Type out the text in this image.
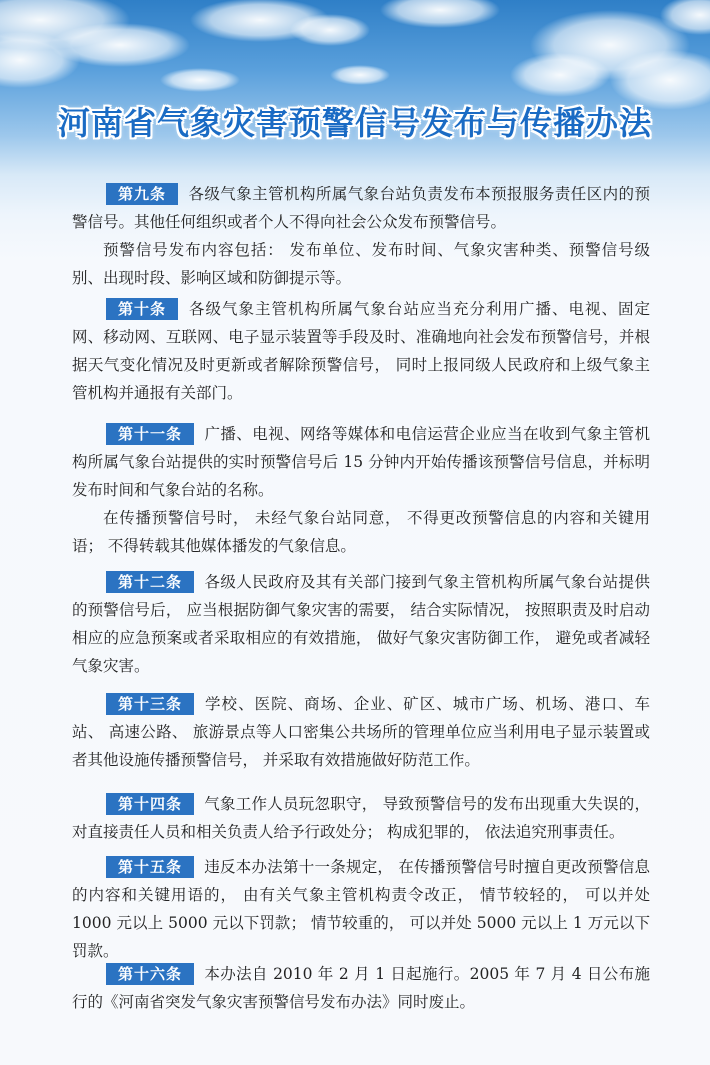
河南省气象灾害预警信号发布与传播办法

第九条 各级气象主管机构所属气象台站负责发布本预报服务责任区内的预警信号。其他任何组织或者个人不得向社会公众发布预警信号。

预警信号发布内容包括： 发布单位、发布时间、气象灾害种类、预警信号级别、出现时段、影响区域和防御提示等。

第十条 各级气象主管机构所属气象台站应当充分利用广播、电视、固定网、移动网、互联网、电子显示装置等手段及时、准确地向社会发布预警信号，并根据天气变化情况及时更新或者解除预警信号， 同时上报同级人民政府和上级气象主管机构并通报有关部门。

第十一条 广播、电视、网络等媒体和电信运营企业应当在收到气象主管机构所属气象台站提供的实时预警信号后 15 分钟内开始传播该预警信号信息，并标明发布时间和气象台站的名称。

在传播预警信号时， 未经气象台站同意， 不得更改预警信息的内容和关键用语； 不得转载其他媒体播发的气象信息。

第十二条 各级人民政府及其有关部门接到气象主管机构所属气象台站提供的预警信号后， 应当根据防御气象灾害的需要， 结合实际情况， 按照职责及时启动相应的应急预案或者采取相应的有效措施， 做好气象灾害防御工作， 避免或者减轻气象灾害。

第十三条 学校、医院、商场、企业、矿区、城市广场、机场、港口、车站、 高速公路、 旅游景点等人口密集公共场所的管理单位应当利用电子显示装置或者其他设施传播预警信号， 并采取有效措施做好防范工作。

第十四条 气象工作人员玩忽职守， 导致预警信号的发布出现重大失误的， 对直接责任人员和相关负责人给予行政处分； 构成犯罪的， 依法追究刑事责任。

第十五条 违反本办法第十一条规定， 在传播预警信号时擅自更改预警信息的内容和关键用语的， 由有关气象主管机构责令改正， 情节较轻的， 可以并处 1000 元以上 5000 元以下罚款； 情节较重的， 可以并处 5000 元以上 1 万元以下罚款。

第十六条 本办法自 2010 年 2 月 1 日起施行。2005 年 7 月 4 日公布施行的《河南省突发气象灾害预警信号发布办法》同时废止。
